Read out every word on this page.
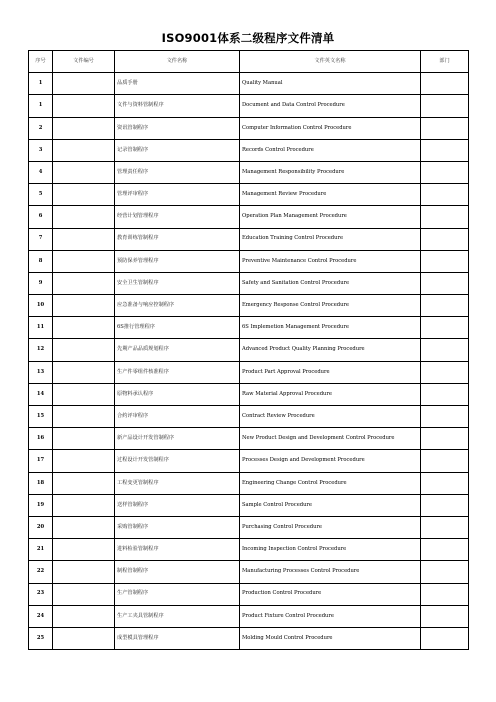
ISO9001体系二级程序文件清单
序号	文件编号	文件名称	文件英文名称	部门
1		品质手册	Quality Manual	
1		文件与资料管制程序	Document and Data Control Procedure	
2		资讯管制程序	Computer Information Control Procedure	
3		记录管制程序	Records Control Procedure	
4		管理责任程序	Management Responsibility Procedure	
5		管理评审程序	Management Review Procedure	
6		经营计划管理程序	Operation Plan Management Procedure	
7		教育训练管制程序	Education Training Control Procedure	
8		预防保养管理程序	Preventive Maintenance Control Procedure	
9		安全卫生管制程序	Safety and Sanitation Control Procedure	
10		应急准备与响应控制程序	Emergency Response Control Procedure	
11		6S推行管理程序	6S Implemetion Management Procedure	
12		先期产品品质规划程序	Advanced Product Quality Planning Procedure	
13		生产件零组件核准程序	Product Part Approval Procedure	
14		原物料承认程序	Raw Material Approval Procedure	
15		合约评审程序	Contract Review Procedure	
16		新产品设计开发管制程序	New Product Design and Development Control Procedure	
17		过程设计开发管制程序	Processes Design and Development Procedure	
18		工程变更管制程序	Engineering Change Control Procedure	
19		送样管制程序	Sample Control Procedure	
20		采购管制程序	Purchasing Control Procedure	
21		进料检验管制程序	Incoming Inspection Control Procedure	
22		制程管制程序	Manufacturing Processes Control Procedure	
23		生产管制程序	Production Control Procedure	
24		生产工夹具管制程序	Product Fixture Control Procedure	
25		成型模具管理程序	Molding Mould Control Procedure	
